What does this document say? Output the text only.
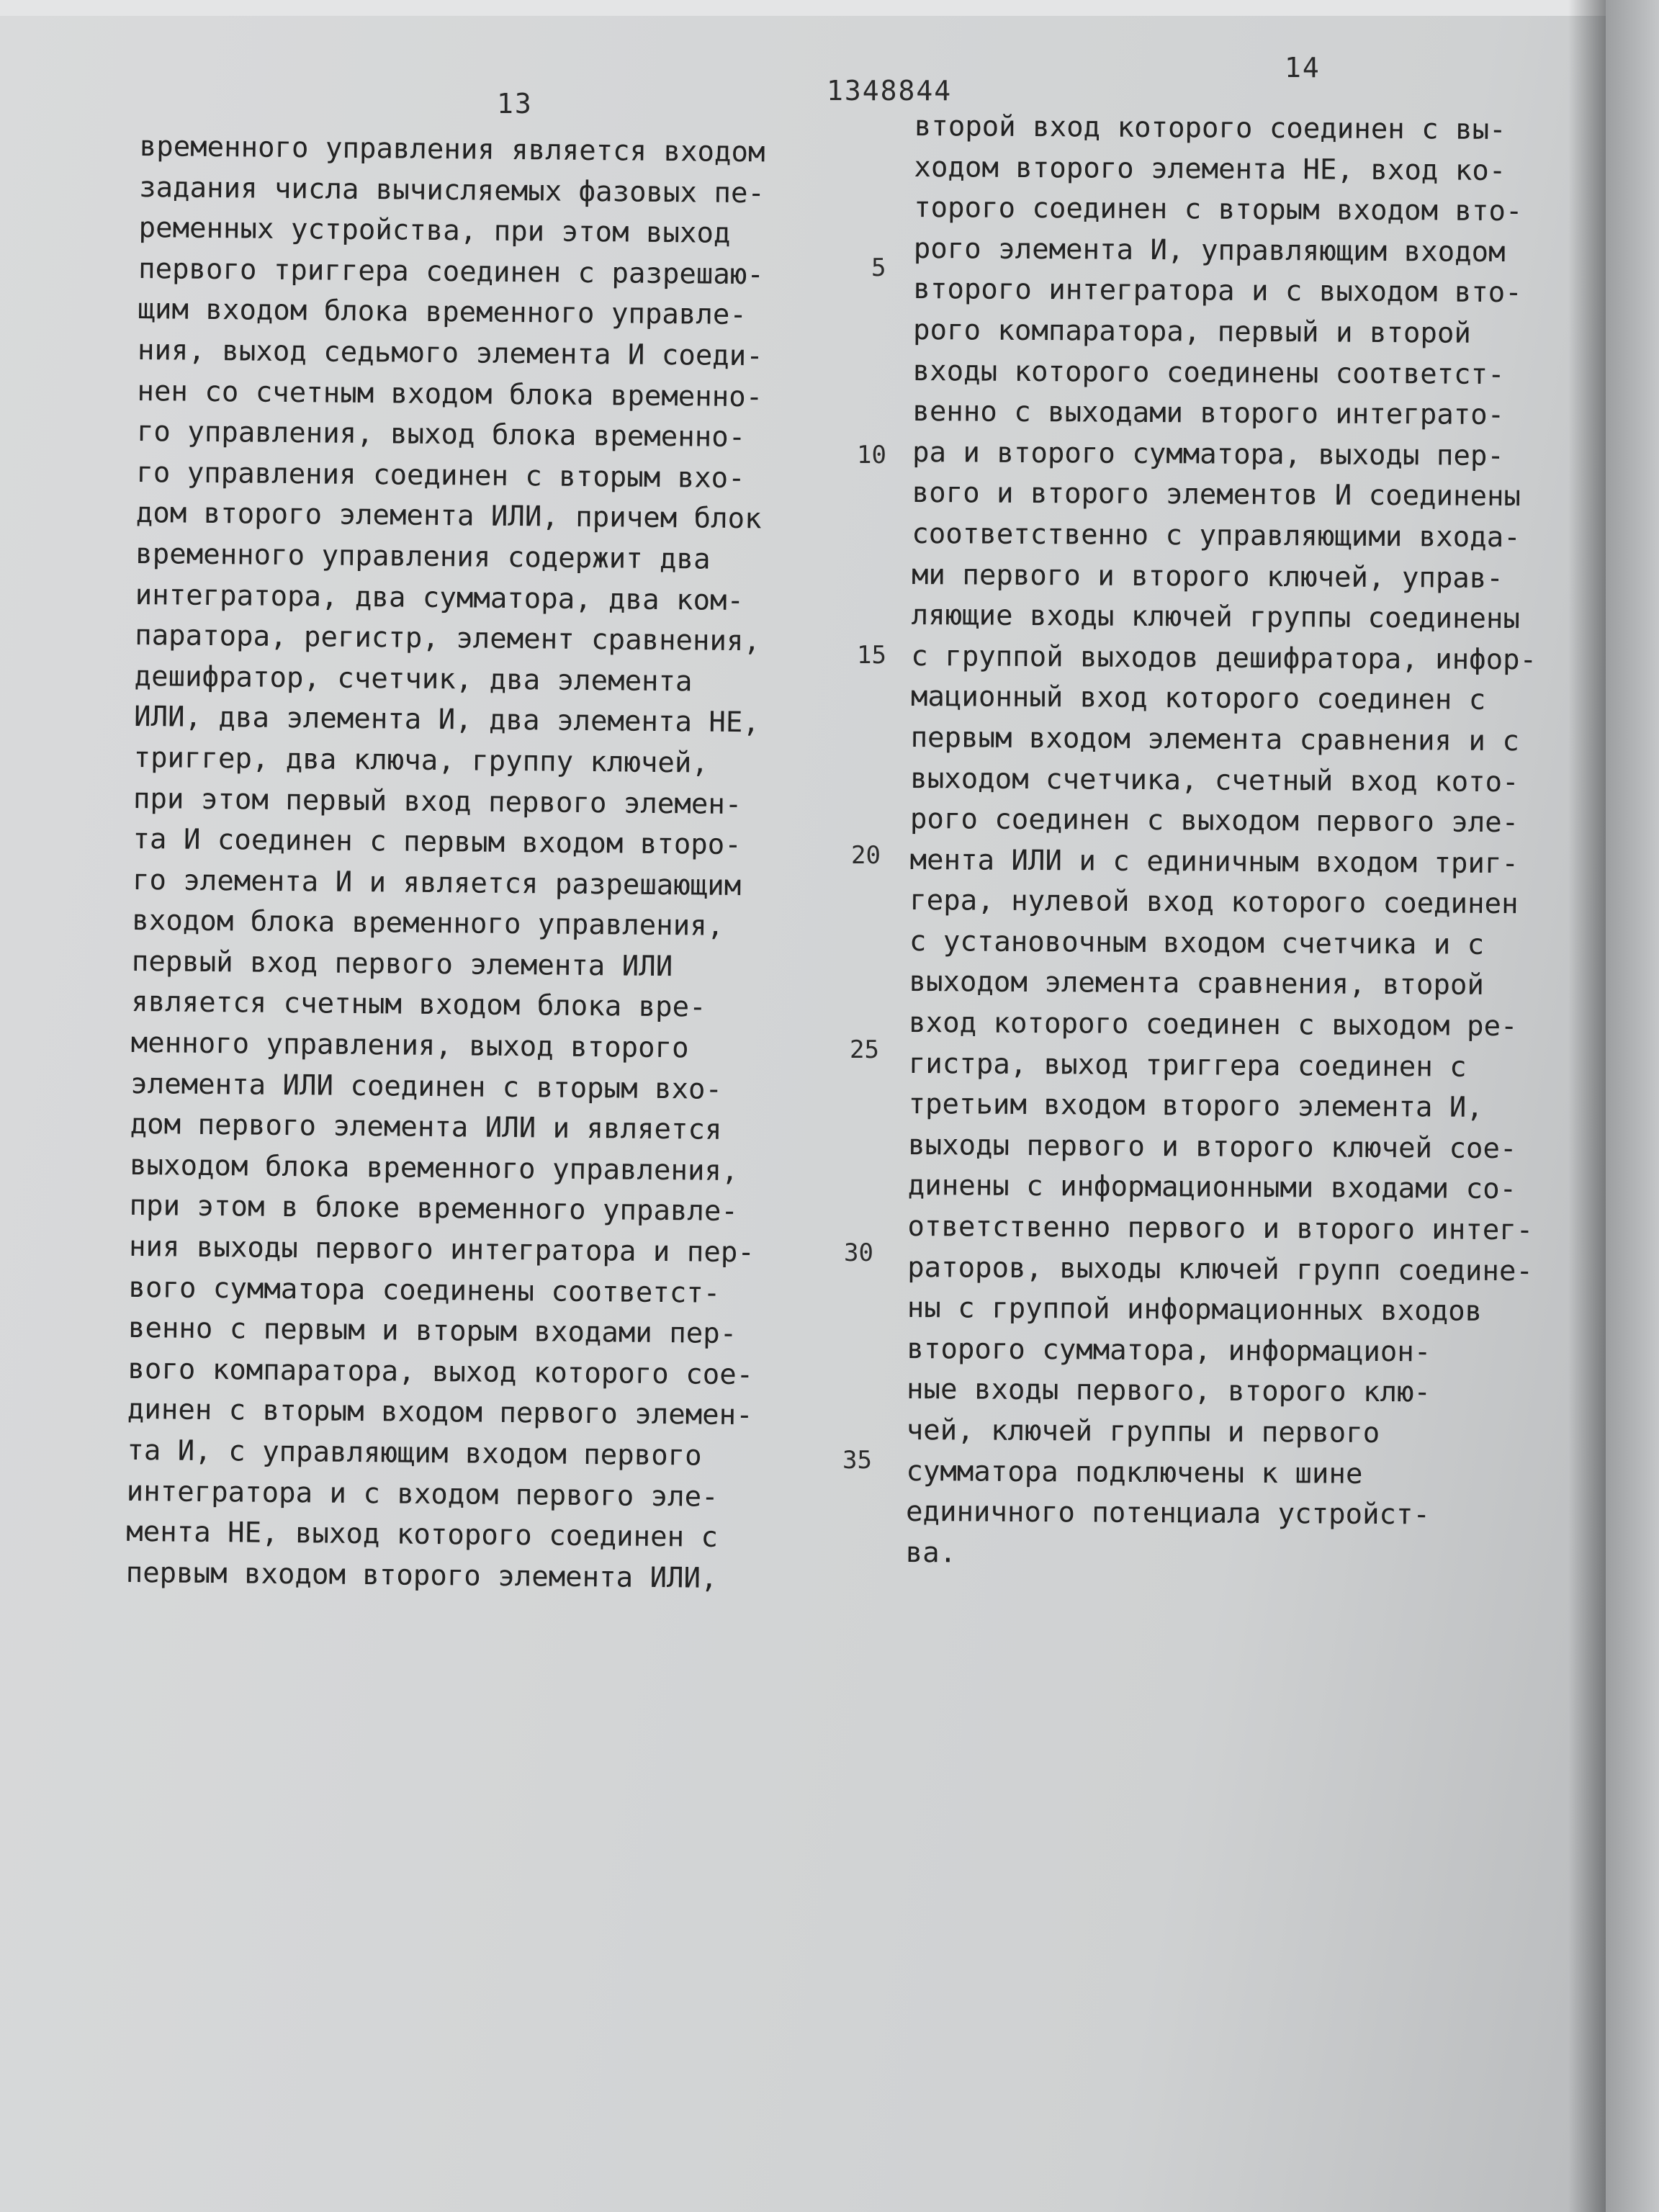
13	1348844
14
временного управления является входом
задания числа вычисляемых фазовых пе-
ременных устройства, при этом выход
первого триггера соединен с разрешаю-
щим входом блока временного управле-
ния, выход седьмого элемента И соеди-
нен со счетным входом блока временно-
го управления, выход блока временно-
го управления соединен с вторым вхо-
дом второго элемента ИЛИ, причем блок
временного управления содержит два
интегратора, два сумматора, два ком-
паратора, регистр, элемент сравнения,
дешифратор, счетчик, два элемента
ИЛИ, два элемента И, два элемента НЕ,
триггер, два ключа, группу ключей,
при этом первый вход первого элемен-
та И соединен с первым входом второ-
го элемента И и является разрешающим
входом блока временного управления,
первый вход первого элемента ИЛИ
является счетным входом блока вре-
менного управления, выход второго
элемента ИЛИ соединен с вторым вхо-
дом первого элемента ИЛИ и является
выходом блока временного управления,
при этом в блоке временного управле-
ния выходы первого интегратора и пер-
вого сумматора соединены соответст-
венно с первым и вторым входами пер-
вого компаратора, выход которого сое-
динен с вторым входом первого элемен-
та И, с управляющим входом первого
интегратора и с входом первого эле-
мента НЕ, выход которого соединен с
первым входом второго элемента ИЛИ,
5
10
15
20
25
30
35
второй вход которого соединен с вы-
ходом второго элемента НЕ, вход ко-
торого соединен с вторым входом вто-
рого элемента И, управляющим входом
второго интегратора и с выходом вто-
рого компаратора, первый и второй
входы которого соединены соответст-
венно с выходами второго интеграто-
ра и второго сумматора, выходы пер-
вого и второго элементов И соединены
соответственно с управляющими входа-
ми первого и второго ключей, управ-
ляющие входы ключей группы соединены
с группой выходов дешифратора, инфор-
мационный вход которого соединен с
первым входом элемента сравнения и с
выходом счетчика, счетный вход кото-
рого соединен с выходом первого эле-
мента ИЛИ и с единичным входом триг-
гера, нулевой вход которого соединен
с установочным входом счетчика и с
выходом элемента сравнения, второй
вход которого соединен с выходом ре-
гистра, выход триггера соединен с
третьим входом второго элемента И,
выходы первого и второго ключей сое-
динены с информационными входами со-
ответственно первого и второго интег-
раторов, выходы ключей групп соедине-
ны с группой информационных входов
второго сумматора, информацион-
ные входы первого, второго клю-
чей, ключей группы и первого
сумматора подключены к шине
единичного потенциала устройст-
ва.
